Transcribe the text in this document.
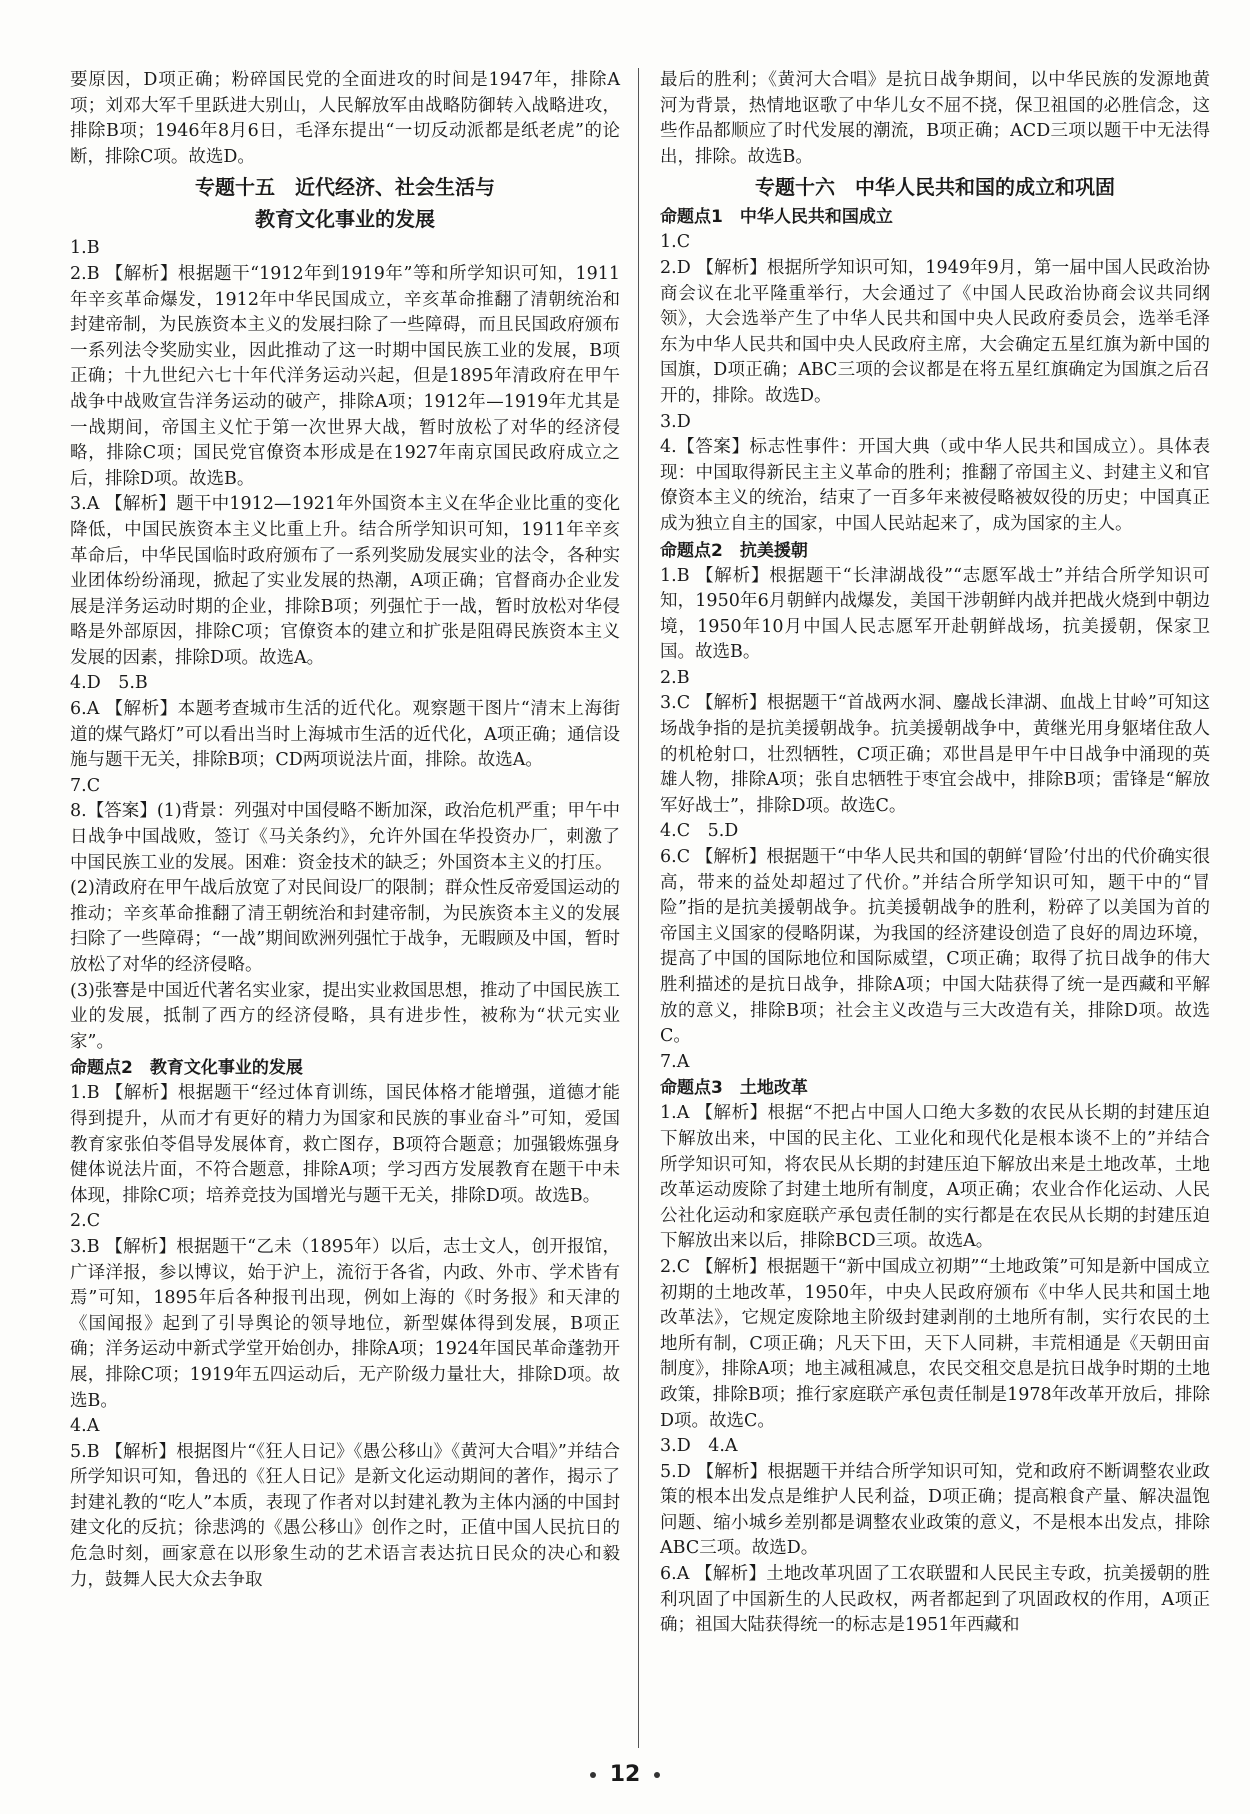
要原因，D项正确；粉碎国民党的全面进攻的时间是1947年，排除A项；刘邓大军千里跃进大别山，人民解放军由战略防御转入战略进攻，排除B项；1946年8月6日，毛泽东提出“一切反动派都是纸老虎”的论断，排除C项。故选D。
专题十五　近代经济、社会生活与
教育文化事业的发展
1.B
2.B 【解析】根据题干“1912年到1919年”等和所学知识可知，1911年辛亥革命爆发，1912年中华民国成立，辛亥革命推翻了清朝统治和封建帝制，为民族资本主义的发展扫除了一些障碍，而且民国政府颁布一系列法令奖励实业，因此推动了这一时期中国民族工业的发展，B项正确；十九世纪六七十年代洋务运动兴起，但是1895年清政府在甲午战争中战败宣告洋务运动的破产，排除A项；1912年—1919年尤其是一战期间，帝国主义忙于第一次世界大战，暂时放松了对华的经济侵略，排除C项；国民党官僚资本形成是在1927年南京国民政府成立之后，排除D项。故选B。
3.A 【解析】题干中1912—1921年外国资本主义在华企业比重的变化降低，中国民族资本主义比重上升。结合所学知识可知，1911年辛亥革命后，中华民国临时政府颁布了一系列奖励发展实业的法令，各种实业团体纷纷涌现，掀起了实业发展的热潮，A项正确；官督商办企业发展是洋务运动时期的企业，排除B项；列强忙于一战，暂时放松对华侵略是外部原因，排除C项；官僚资本的建立和扩张是阻碍民族资本主义发展的因素，排除D项。故选A。
4.D　5.B
6.A 【解析】本题考查城市生活的近代化。观察题干图片“清末上海街道的煤气路灯”可以看出当时上海城市生活的近代化，A项正确；通信设施与题干无关，排除B项；CD两项说法片面，排除。故选A。
7.C
8.【答案】(1)背景：列强对中国侵略不断加深，政治危机严重；甲午中日战争中国战败，签订《马关条约》，允许外国在华投资办厂，刺激了中国民族工业的发展。困难：资金技术的缺乏；外国资本主义的打压。
(2)清政府在甲午战后放宽了对民间设厂的限制；群众性反帝爱国运动的推动；辛亥革命推翻了清王朝统治和封建帝制，为民族资本主义的发展扫除了一些障碍；“一战”期间欧洲列强忙于战争，无暇顾及中国，暂时放松了对华的经济侵略。
(3)张謇是中国近代著名实业家，提出实业救国思想，推动了中国民族工业的发展，抵制了西方的经济侵略，具有进步性，被称为“状元实业家”。
命题点2　教育文化事业的发展
1.B 【解析】根据题干“经过体育训练，国民体格才能增强，道德才能得到提升，从而才有更好的精力为国家和民族的事业奋斗”可知，爱国教育家张伯苓倡导发展体育，救亡图存，B项符合题意；加强锻炼强身健体说法片面，不符合题意，排除A项；学习西方发展教育在题干中未体现，排除C项；培养竞技为国增光与题干无关，排除D项。故选B。
2.C
3.B 【解析】根据题干“乙未（1895年）以后，志士文人，创开报馆，广译洋报，参以博议，始于沪上，流衍于各省，内政、外市、学术皆有焉”可知，1895年后各种报刊出现，例如上海的《时务报》和天津的《国闻报》起到了引导舆论的领导地位，新型媒体得到发展，B项正确；洋务运动中新式学堂开始创办，排除A项；1924年国民革命蓬勃开展，排除C项；1919年五四运动后，无产阶级力量壮大，排除D项。故选B。
4.A
5.B 【解析】根据图片“《狂人日记》《愚公移山》《黄河大合唱》”并结合所学知识可知，鲁迅的《狂人日记》是新文化运动期间的著作，揭示了封建礼教的“吃人”本质，表现了作者对以封建礼教为主体内涵的中国封建文化的反抗；徐悲鸿的《愚公移山》创作之时，正值中国人民抗日的危急时刻，画家意在以形象生动的艺术语言表达抗日民众的决心和毅力，鼓舞人民大众去争取
最后的胜利；《黄河大合唱》是抗日战争期间，以中华民族的发源地黄河为背景，热情地讴歌了中华儿女不屈不挠，保卫祖国的必胜信念，这些作品都顺应了时代发展的潮流，B项正确；ACD三项以题干中无法得出，排除。故选B。
专题十六　中华人民共和国的成立和巩固
命题点1　中华人民共和国成立
1.C
2.D 【解析】根据所学知识可知，1949年9月，第一届中国人民政治协商会议在北平隆重举行，大会通过了《中国人民政治协商会议共同纲领》，大会选举产生了中华人民共和国中央人民政府委员会，选举毛泽东为中华人民共和国中央人民政府主席，大会确定五星红旗为新中国的国旗，D项正确；ABC三项的会议都是在将五星红旗确定为国旗之后召开的，排除。故选D。
3.D
4.【答案】标志性事件：开国大典（或中华人民共和国成立）。具体表现：中国取得新民主主义革命的胜利；推翻了帝国主义、封建主义和官僚资本主义的统治，结束了一百多年来被侵略被奴役的历史；中国真正成为独立自主的国家，中国人民站起来了，成为国家的主人。
命题点2　抗美援朝
1.B 【解析】根据题干“长津湖战役”“志愿军战士”并结合所学知识可知，1950年6月朝鲜内战爆发，美国干涉朝鲜内战并把战火烧到中朝边境，1950年10月中国人民志愿军开赴朝鲜战场，抗美援朝，保家卫国。故选B。
2.B
3.C 【解析】根据题干“首战两水洞、鏖战长津湖、血战上甘岭”可知这场战争指的是抗美援朝战争。抗美援朝战争中，黄继光用身躯堵住敌人的机枪射口，壮烈牺牲，C项正确；邓世昌是甲午中日战争中涌现的英雄人物，排除A项；张自忠牺牲于枣宜会战中，排除B项；雷锋是“解放军好战士”，排除D项。故选C。
4.C　5.D
6.C 【解析】根据题干“中华人民共和国的朝鲜‘冒险’付出的代价确实很高，带来的益处却超过了代价。”并结合所学知识可知，题干中的“冒险”指的是抗美援朝战争。抗美援朝战争的胜利，粉碎了以美国为首的帝国主义国家的侵略阴谋，为我国的经济建设创造了良好的周边环境，提高了中国的国际地位和国际威望，C项正确；取得了抗日战争的伟大胜利描述的是抗日战争，排除A项；中国大陆获得了统一是西藏和平解放的意义，排除B项；社会主义改造与三大改造有关，排除D项。故选C。
7.A
命题点3　土地改革
1.A 【解析】根据“不把占中国人口绝大多数的农民从长期的封建压迫下解放出来，中国的民主化、工业化和现代化是根本谈不上的”并结合所学知识可知，将农民从长期的封建压迫下解放出来是土地改革，土地改革运动废除了封建土地所有制度，A项正确；农业合作化运动、人民公社化运动和家庭联产承包责任制的实行都是在农民从长期的封建压迫下解放出来以后，排除BCD三项。故选A。
2.C 【解析】根据题干“新中国成立初期”“土地政策”可知是新中国成立初期的土地改革，1950年，中央人民政府颁布《中华人民共和国土地改革法》，它规定废除地主阶级封建剥削的土地所有制，实行农民的土地所有制，C项正确；凡天下田，天下人同耕，丰荒相通是《天朝田亩制度》，排除A项；地主减租减息，农民交租交息是抗日战争时期的土地政策，排除B项；推行家庭联产承包责任制是1978年改革开放后，排除D项。故选C。
3.D　4.A
5.D 【解析】根据题干并结合所学知识可知，党和政府不断调整农业政策的根本出发点是维护人民利益，D项正确；提高粮食产量、解决温饱问题、缩小城乡差别都是调整农业政策的意义，不是根本出发点，排除ABC三项。故选D。
6.A 【解析】土地改革巩固了工农联盟和人民民主专政，抗美援朝的胜利巩固了中国新生的人民政权，两者都起到了巩固政权的作用，A项正确；祖国大陆获得统一的标志是1951年西藏和
12
